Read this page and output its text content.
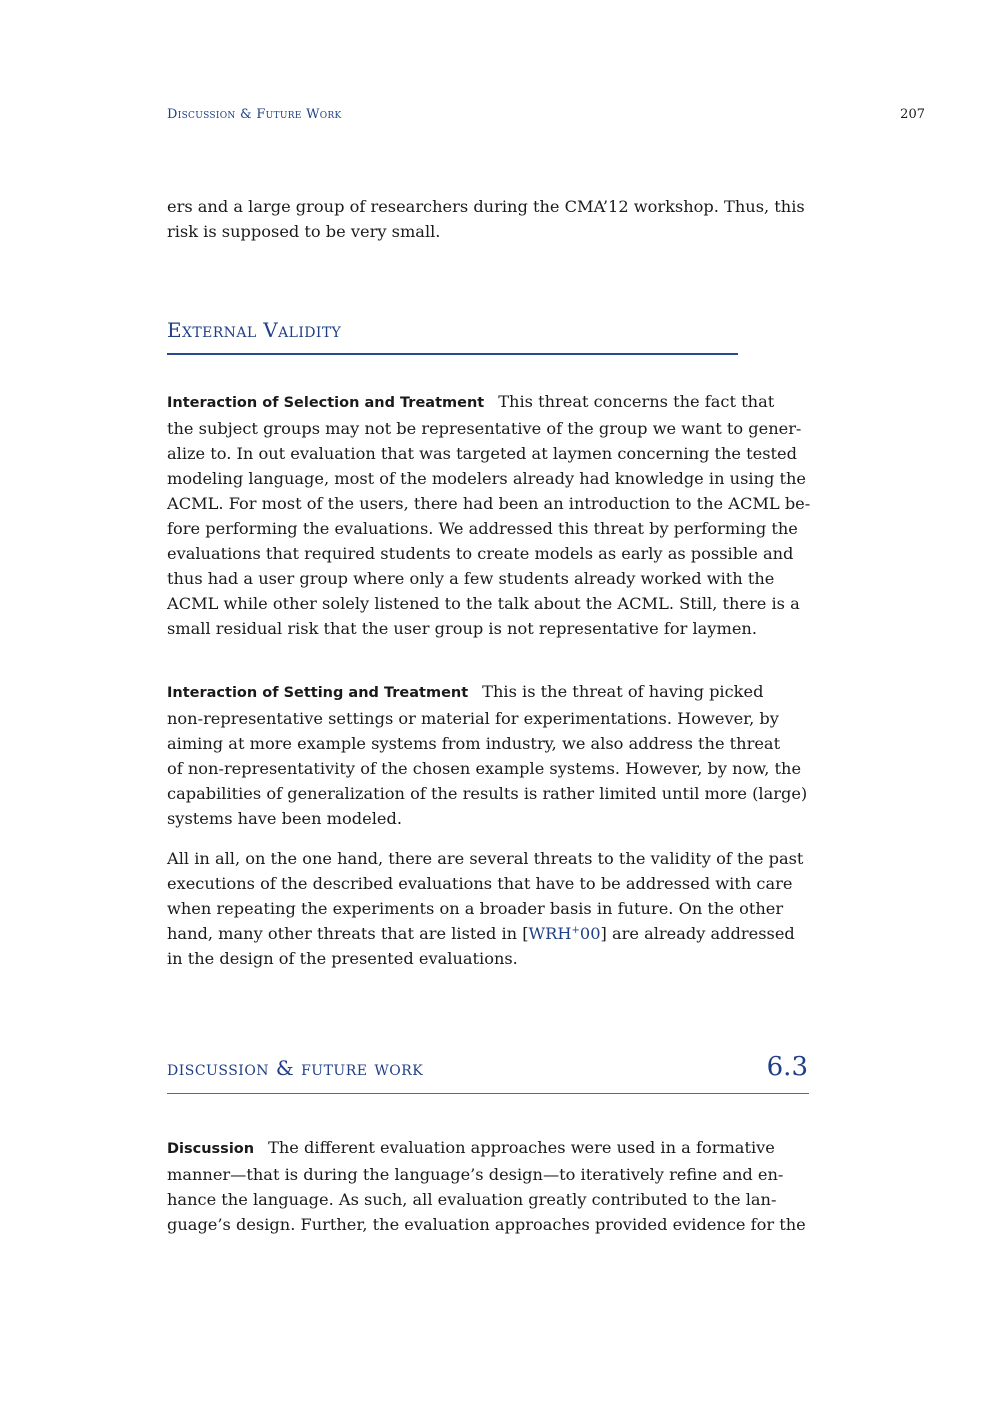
Discussion & Future Work	207
ers and a large group of researchers during the CMA’12 workshop. Thus, this
risk is supposed to be very small.
External Validity
Interaction of Selection and Treatment This threat concerns the fact that
the subject groups may not be representative of the group we want to gener-
alize to. In out evaluation that was targeted at laymen concerning the tested
modeling language, most of the modelers already had knowledge in using the
ACML. For most of the users, there had been an introduction to the ACML be-
fore performing the evaluations. We addressed this threat by performing the
evaluations that required students to create models as early as possible and
thus had a user group where only a few students already worked with the
ACML while other solely listened to the talk about the ACML. Still, there is a
small residual risk that the user group is not representative for laymen.
Interaction of Setting and Treatment This is the threat of having picked
non-representative settings or material for experimentations. However, by
aiming at more example systems from industry, we also address the threat
of non-representativity of the chosen example systems. However, by now, the
capabilities of generalization of the results is rather limited until more (large)
systems have been modeled.
All in all, on the one hand, there are several threats to the validity of the past
executions of the described evaluations that have to be addressed with care
when repeating the experiments on a broader basis in future. On the other
hand, many other threats that are listed in [WRH+00] are already addressed
in the design of the presented evaluations.
discussion & future work	6.3
Discussion The different evaluation approaches were used in a formative
manner—that is during the language’s design—to iteratively refine and en-
hance the language. As such, all evaluation greatly contributed to the lan-
guage’s design. Further, the evaluation approaches provided evidence for the
